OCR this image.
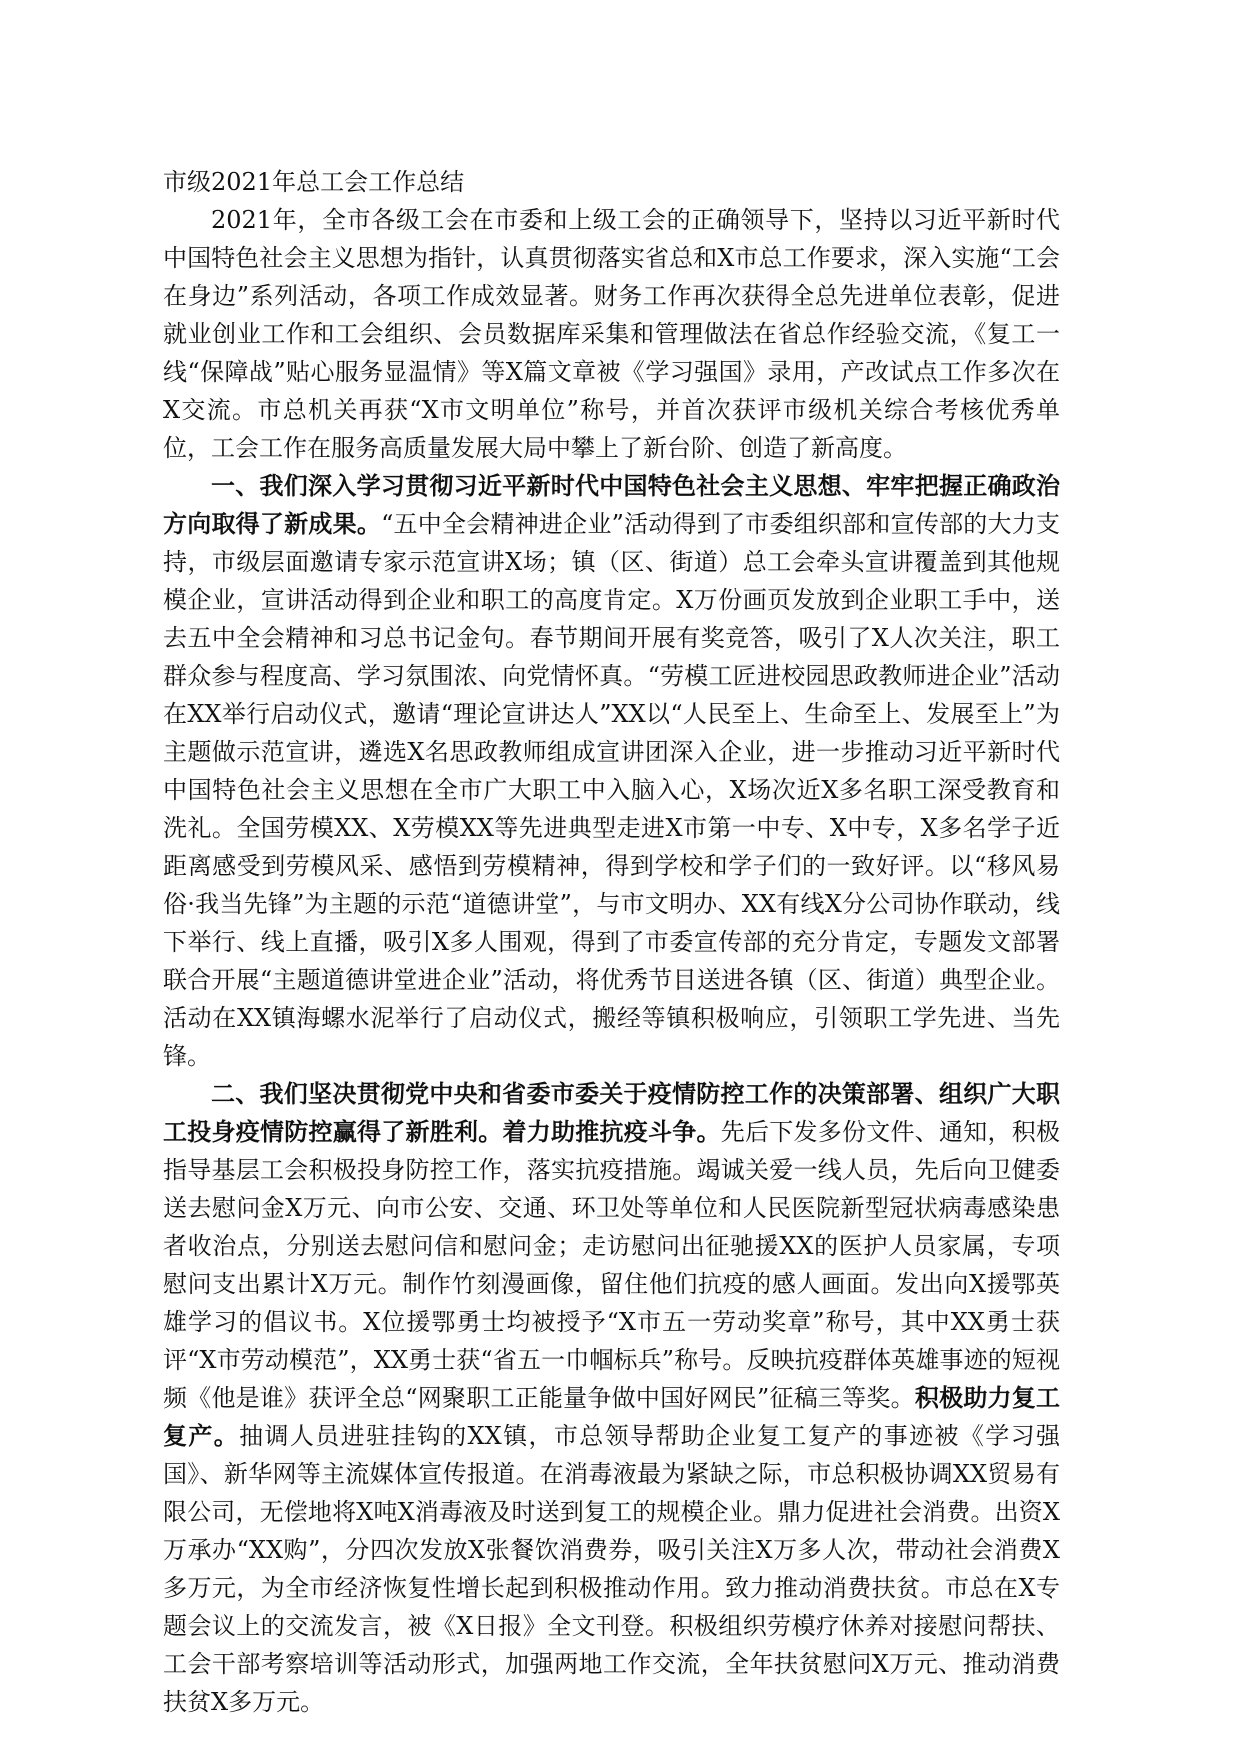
市级2021年总工会工作总结

2021年，全市各级工会在市委和上级工会的正确领导下，坚持以习近平新时代中国特色社会主义思想为指针，认真贯彻落实省总和X市总工作要求，深入实施“工会在身边”系列活动，各项工作成效显著。财务工作再次获得全总先进单位表彰，促进就业创业工作和工会组织、会员数据库采集和管理做法在省总作经验交流，《复工一线“保障战”贴心服务显温情》等X篇文章被《学习强国》录用，产改试点工作多次在X交流。市总机关再获“X市文明单位”称号，并首次获评市级机关综合考核优秀单位，工会工作在服务高质量发展大局中攀上了新台阶、创造了新高度。

一、我们深入学习贯彻习近平新时代中国特色社会主义思想、牢牢把握正确政治方向取得了新成果。“五中全会精神进企业”活动得到了市委组织部和宣传部的大力支持，市级层面邀请专家示范宣讲X场；镇（区、街道）总工会牵头宣讲覆盖到其他规模企业，宣讲活动得到企业和职工的高度肯定。X万份画页发放到企业职工手中，送去五中全会精神和习总书记金句。春节期间开展有奖竞答，吸引了X人次关注，职工群众参与程度高、学习氛围浓、向党情怀真。“劳模工匠进校园思政教师进企业”活动在XX举行启动仪式，邀请“理论宣讲达人”XX以“人民至上、生命至上、发展至上”为主题做示范宣讲，遴选X名思政教师组成宣讲团深入企业，进一步推动习近平新时代中国特色社会主义思想在全市广大职工中入脑入心，X场次近X多名职工深受教育和洗礼。全国劳模XX、X劳模XX等先进典型走进X市第一中专、X中专，X多名学子近距离感受到劳模风采、感悟到劳模精神，得到学校和学子们的一致好评。以“移风易俗·我当先锋”为主题的示范“道德讲堂”，与市文明办、XX有线X分公司协作联动，线下举行、线上直播，吸引X多人围观，得到了市委宣传部的充分肯定，专题发文部署联合开展“主题道德讲堂进企业”活动，将优秀节目送进各镇（区、街道）典型企业。活动在XX镇海螺水泥举行了启动仪式，搬经等镇积极响应，引领职工学先进、当先锋。

二、我们坚决贯彻党中央和省委市委关于疫情防控工作的决策部署、组织广大职工投身疫情防控赢得了新胜利。着力助推抗疫斗争。先后下发多份文件、通知，积极指导基层工会积极投身防控工作，落实抗疫措施。竭诚关爱一线人员，先后向卫健委送去慰问金X万元、向市公安、交通、环卫处等单位和人民医院新型冠状病毒感染患者收治点，分别送去慰问信和慰问金；走访慰问出征驰援XX的医护人员家属，专项慰问支出累计X万元。制作竹刻漫画像，留住他们抗疫的感人画面。发出向X援鄂英雄学习的倡议书。X位援鄂勇士均被授予“X市五一劳动奖章”称号，其中XX勇士获评“X市劳动模范”，XX勇士获“省五一巾帼标兵”称号。反映抗疫群体英雄事迹的短视频《他是谁》获评全总“网聚职工正能量争做中国好网民”征稿三等奖。积极助力复工复产。抽调人员进驻挂钩的XX镇，市总领导帮助企业复工复产的事迹被《学习强国》、新华网等主流媒体宣传报道。在消毒液最为紧缺之际，市总积极协调XX贸易有限公司，无偿地将X吨X消毒液及时送到复工的规模企业。鼎力促进社会消费。出资X万承办“XX购”，分四次发放X张餐饮消费券，吸引关注X万多人次，带动社会消费X多万元，为全市经济恢复性增长起到积极推动作用。致力推动消费扶贫。市总在X专题会议上的交流发言，被《X日报》全文刊登。积极组织劳模疗休养对接慰问帮扶、工会干部考察培训等活动形式，加强两地工作交流，全年扶贫慰问X万元、推动消费扶贫X多万元。
